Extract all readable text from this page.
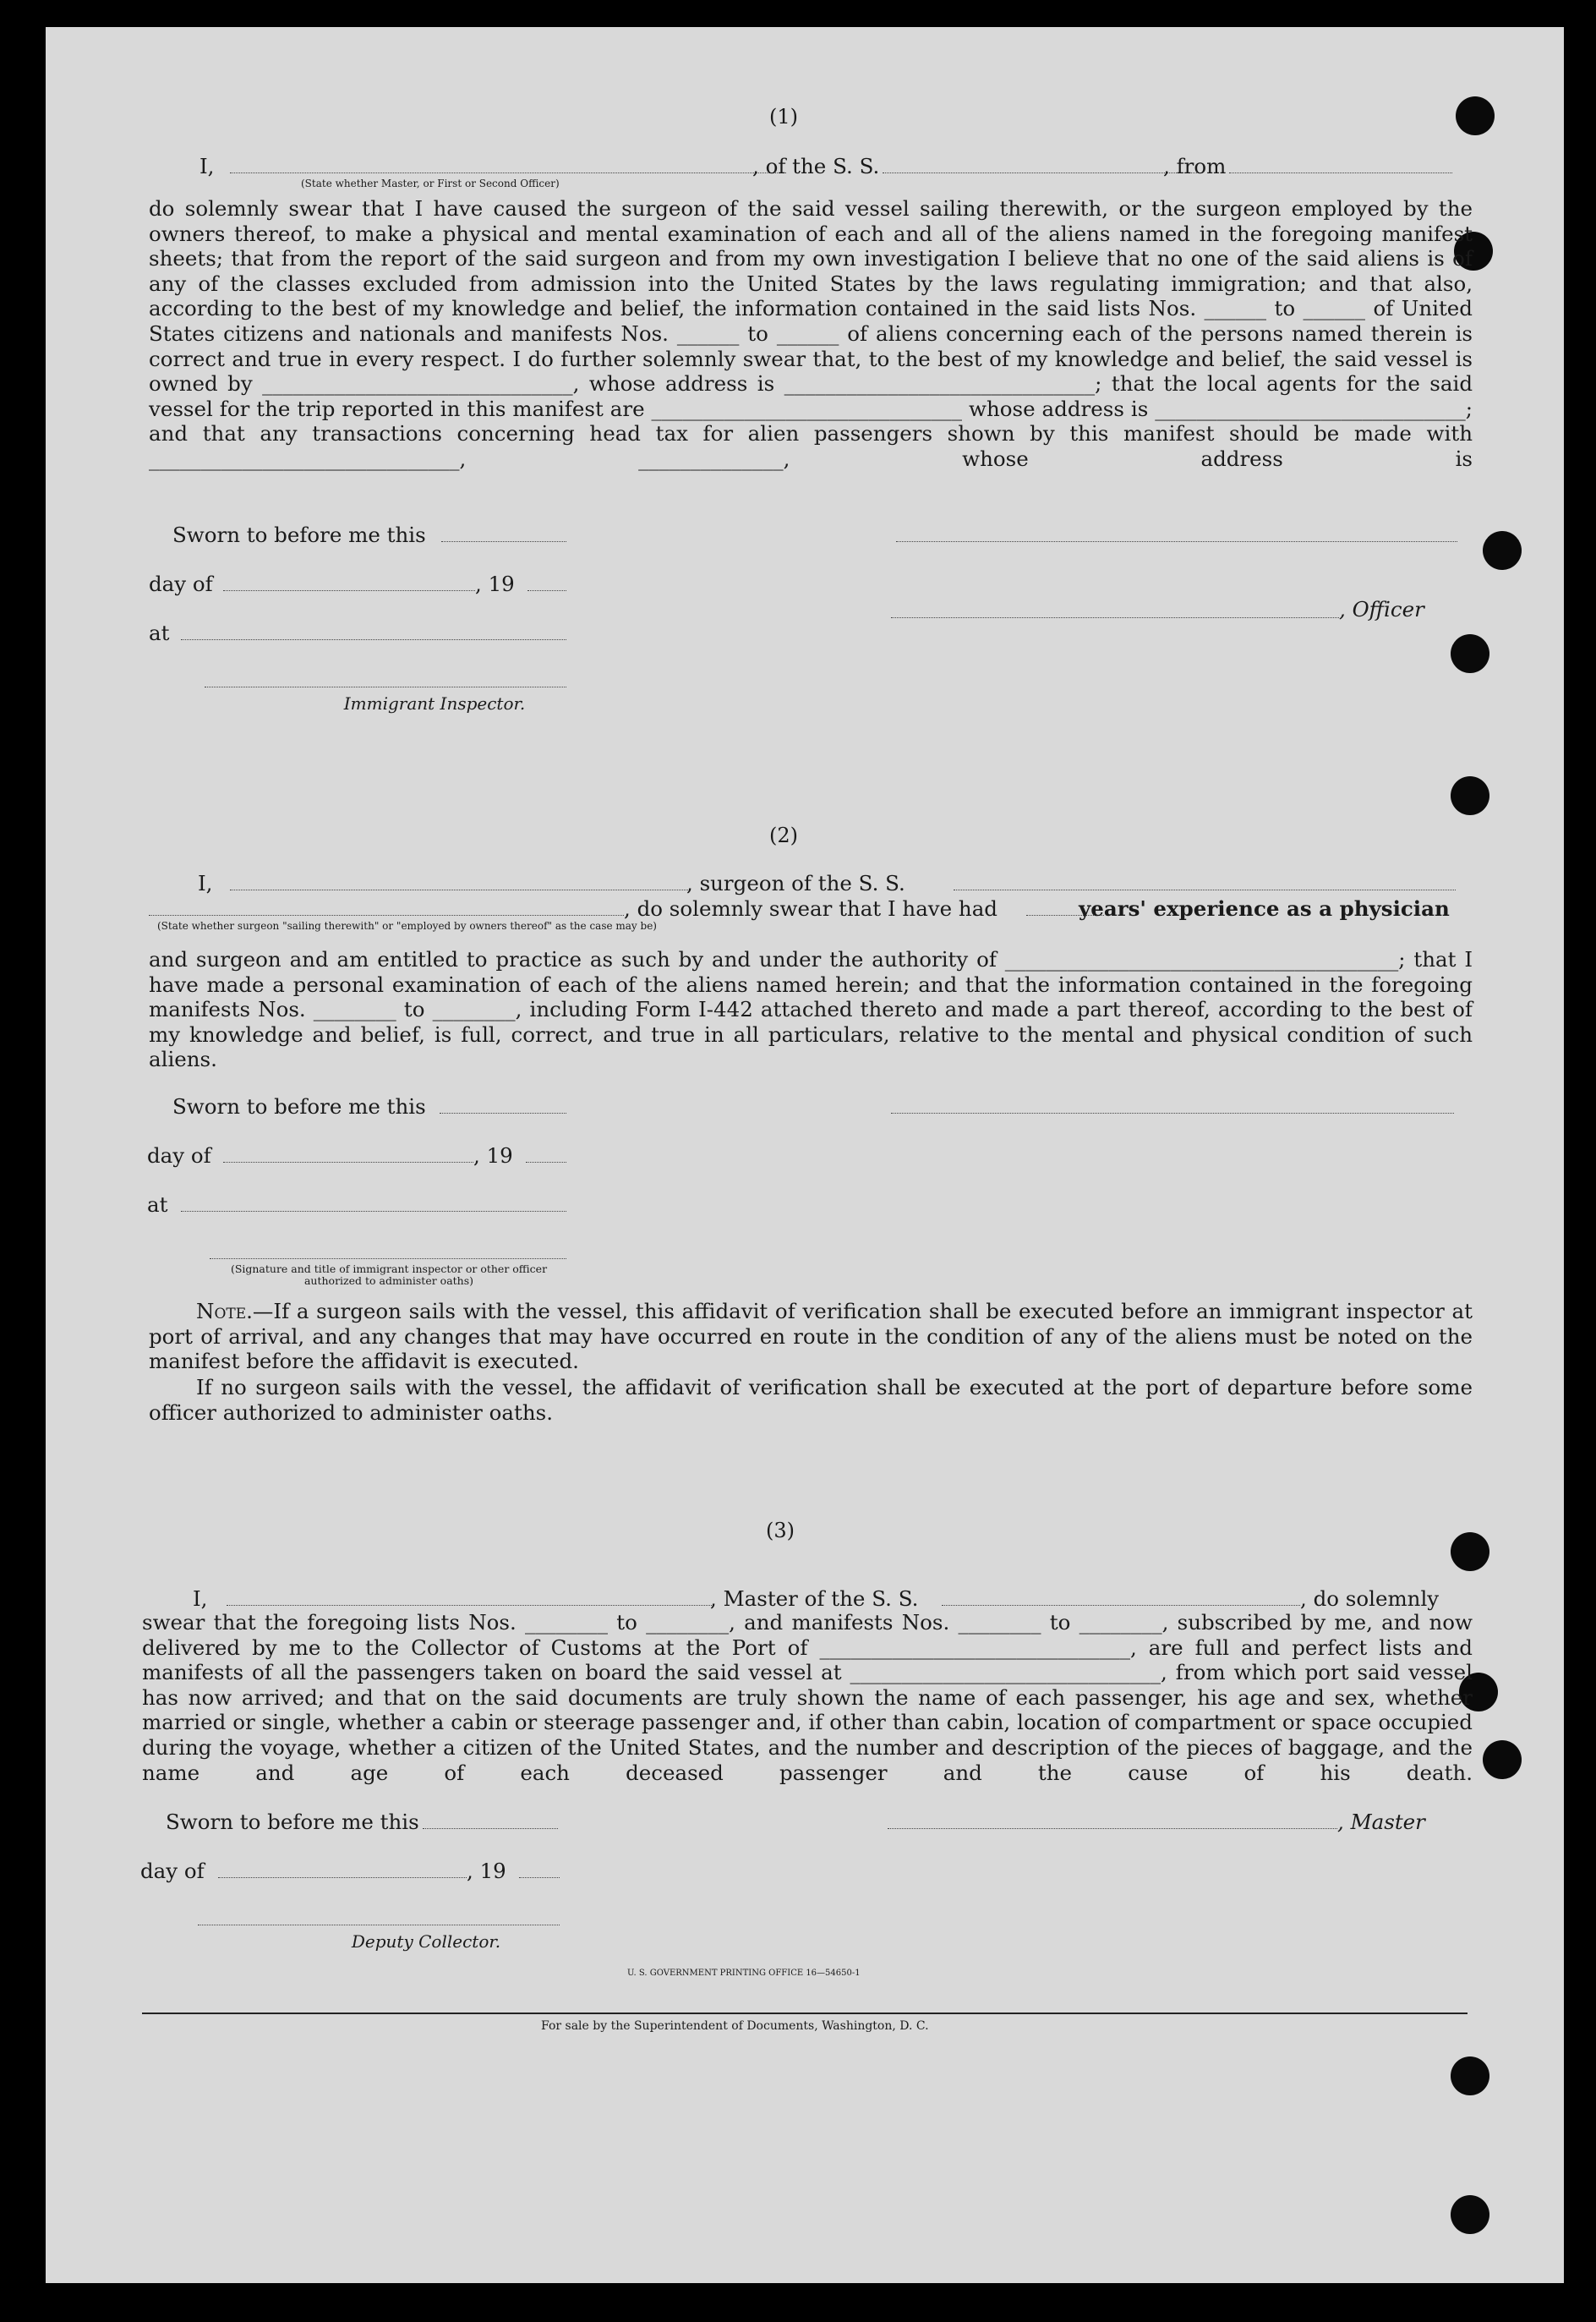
(1)
I,	, of the S. S.	, from
(State whether Master, or First or Second Officer)
do solemnly swear that I have caused the surgeon of the said vessel sailing therewith, or the surgeon employed by the owners thereof, to make a physical and mental examination of each and all of the aliens named in the foregoing manifest sheets; that from the report of the said surgeon and from my own investigation I believe that no one of the said aliens is of any of the classes excluded from admission into the United States by the laws regulating immigration; and that also, according to the best of my knowledge and belief, the information contained in the said lists Nos. ______ to ______ of United States citizens and nationals and manifests Nos. ______ to ______ of aliens concerning each of the persons named therein is correct and true in every respect. I do further solemnly swear that, to the best of my knowledge and belief, the said vessel is owned by ______________________________, whose address is ______________________________; that the local agents for the said vessel for the trip reported in this manifest are ______________________________ whose address is ______________________________; and that any transactions concerning head tax for alien passengers shown by this manifest should be made with ______________________________, ______________, whose address is
Sworn to before me this
day of	, 19
, Officer
at
Immigrant Inspector.
(2)
I,	, surgeon of the S. S.
, do solemnly swear that I have had	years' experience as a physician
(State whether surgeon "sailing therewith" or "employed by owners thereof" as the case may be)
and surgeon and am entitled to practice as such by and under the authority of ______________________________________; that I have made a personal examination of each of the aliens named herein; and that the information contained in the foregoing manifests Nos. ________ to ________, including Form I-442 attached thereto and made a part thereof, according to the best of my knowledge and belief, is full, correct, and true in all particulars, relative to the mental and physical condition of such aliens.
Sworn to before me this
day of	, 19
at
(Signature and title of immigrant inspector or other officer authorized to administer oaths)
Note.—If a surgeon sails with the vessel, this affidavit of verification shall be executed before an immigrant inspector at port of arrival, and any changes that may have occurred en route in the condition of any of the aliens must be noted on the manifest before the affidavit is executed.
If no surgeon sails with the vessel, the affidavit of verification shall be executed at the port of departure before some officer authorized to administer oaths.
(3)
I,	, Master of the S. S.	, do solemnly
swear that the foregoing lists Nos. ________ to ________, and manifests Nos. ________ to ________, subscribed by me, and now delivered by me to the Collector of Customs at the Port of ______________________________, are full and perfect lists and manifests of all the passengers taken on board the said vessel at ______________________________, from which port said vessel has now arrived; and that on the said documents are truly shown the name of each passenger, his age and sex, whether married or single, whether a cabin or steerage passenger and, if other than cabin, location of compartment or space occupied during the voyage, whether a citizen of the United States, and the number and description of the pieces of baggage, and the name and age of each deceased passenger and the cause of his death.
Sworn to before me this	, Master
day of	, 19
Deputy Collector.
U. S. GOVERNMENT PRINTING OFFICE 16—54650-1
For sale by the Superintendent of Documents, Washington, D. C.
